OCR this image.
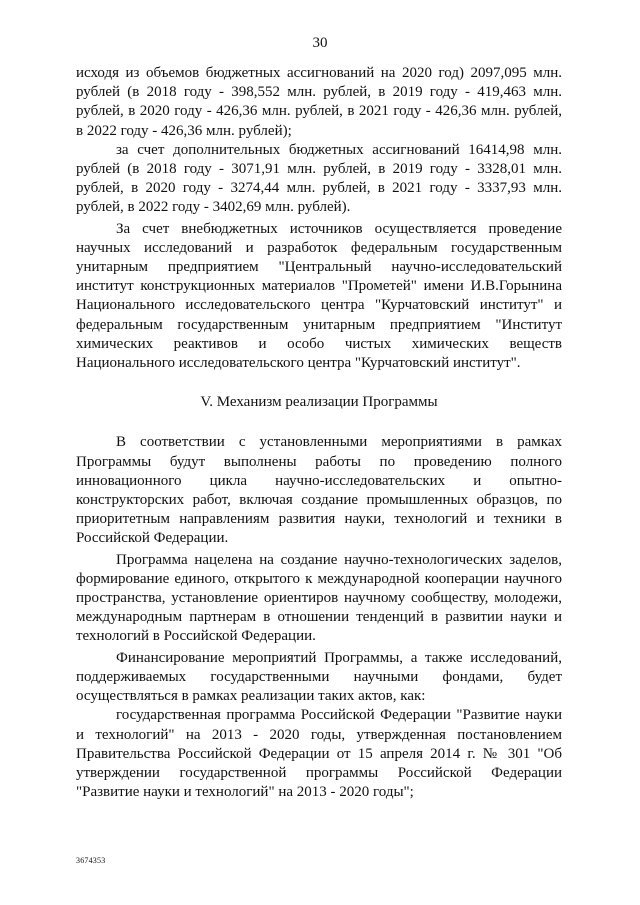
30

исходя из объемов бюджетных ассигнований на 2020 год) 2097,095 млн. рублей (в 2018 году - 398,552 млн. рублей, в 2019 году - 419,463 млн. рублей, в 2020 году - 426,36 млн. рублей, в 2021 году - 426,36 млн. рублей, в 2022 году - 426,36 млн. рублей);

за счет дополнительных бюджетных ассигнований 16414,98 млн. рублей (в 2018 году - 3071,91 млн. рублей, в 2019 году - 3328,01 млн. рублей, в 2020 году - 3274,44 млн. рублей, в 2021 году - 3337,93 млн. рублей, в 2022 году - 3402,69 млн. рублей).

За счет внебюджетных источников осуществляется проведение научных исследований и разработок федеральным государственным унитарным предприятием "Центральный научно-исследовательский институт конструкционных материалов "Прометей" имени И.В.Горынина Национального исследовательского центра "Курчатовский институт" и федеральным государственным унитарным предприятием "Институт химических реактивов и особо чистых химических веществ Национального исследовательского центра "Курчатовский институт".

V. Механизм реализации Программы

В соответствии с установленными мероприятиями в рамках Программы будут выполнены работы по проведению полного инновационного цикла научно-исследовательских и опытно-конструкторских работ, включая создание промышленных образцов, по приоритетным направлениям развития науки, технологий и техники в Российской Федерации.

Программа нацелена на создание научно-технологических заделов, формирование единого, открытого к международной кооперации научного пространства, установление ориентиров научному сообществу, молодежи, международным партнерам в отношении тенденций в развитии науки и технологий в Российской Федерации.

Финансирование мероприятий Программы, а также исследований, поддерживаемых государственными научными фондами, будет осуществляться в рамках реализации таких актов, как:

государственная программа Российской Федерации "Развитие науки и технологий" на 2013 - 2020 годы, утвержденная постановлением Правительства Российской Федерации от 15 апреля 2014 г. № 301 "Об утверждении государственной программы Российской Федерации "Развитие науки и технологий" на 2013 - 2020 годы";

3674353
